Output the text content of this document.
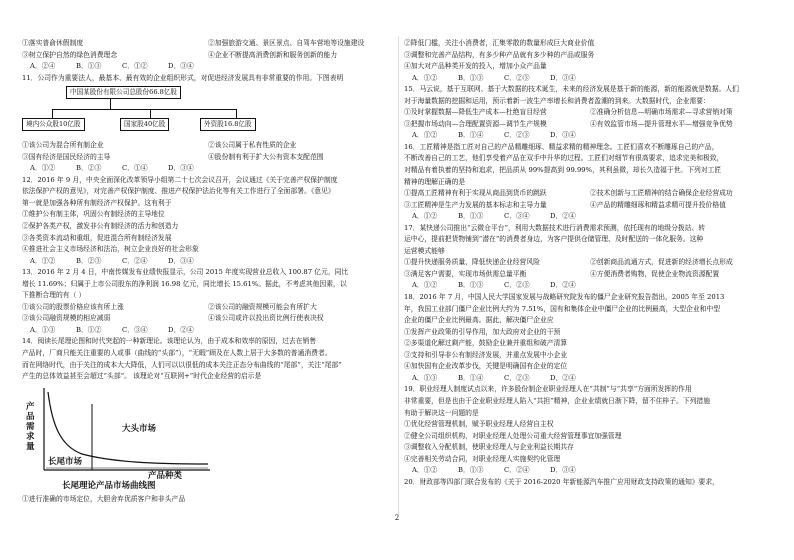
①落实普俞休假制度	②加强旅游交通、景区景点、自驾车营地等设施建设
③树立保护自然的绿色消费理念	④企业不断提高消费创新和服务创新的能力
A．②④	B．①③	C．①②	D．③④
11．公司作为重要法人，最基本、最有效的企业组织形式，对促进经济发展具有非常重要的作用。下图表明
中国某股份有限公司总股份66.8亿股
境内公众股10亿股	国家股40亿股	外资股16.8亿股
①该公司为混合所有制企业	②该公司属于私有性质的企业
③国有经济是国民经济的主导	④股份制有利于扩大公有资本支配范围
A．①②	B．②③	C．①④	D．③④
12．2016 年 9 月，中央全面深化改革领导小组第二十七次会议召开，会议通过《关于完善产权保护制度
依法保护产权的意见》，对完善产权保护制度、推进产权保护法治化等有关工作进行了全面部署。《意见》
第一就是加强各种所有制经济产权保护。这有利于
①维护公有制主体，巩固公有制经济的主导地位
②保护各类产权，激发非公有制经济的活力和创造力
③各类资本流动和重组，促进混合所有制经济发展
④推进社会主义市场经济和法治，树立企业良好的社会形象
A．①②	B．②③	C．②④	D．③④
13．2016 年 2 月 4 日，中南传媒发布业绩快报显示，公司 2015 年度实现营业总收入 100.87 亿元，同比
增长 11.69%；归属于上市公司股东的净利润 16.98 亿元，同比增长 15.61%。据此，不考虑其他因素，以
下推断合理的有（ ）
①该公司的股票价格应该有所上涨	②该公司的融资规模可能会有所扩大
③该公司融资规模的相应减弱	④该公司或许以投出资比例行使表决权
A．①③	B．①②	C．③④	D．②④
14．阅读长尾理论图和时代突起的一种新理论。该理论认为，由于成本和效率的原因，过去在销售
产品时，厂商只能关注重要的人或事（曲线的“头部”），“无暇”顾及在人数上居于大多数的普通消费者。
而在网络时代，由于关注的成本大大降低，人们可以以很低的成本关注正态分布曲线的“尾部”，关注“尾部”
产生的总体效益甚至会超过“头部”。 该理论对“互联网+”时代企业经营的启示是
产品需求量
大头市场
长尾市场
产品种类
长尾理论产品市场曲线图
①进行准确的市场定位，大胆舍弃优质客户和非头产品
②降低门槛，关注小消费者，汇集零散的数量形成巨大商业价值
③调整和完善产品结构，有多少种产品就有多少种的产品或服务
④加大对产品种类开发的投入，增加小众产品量
A．①②	B．①③	C．②③	D．③④
15．马云说，基于互联网、基于大数据的技术诞生，未来的经济发展是基于新的能源，新的能源就是数据。人们
对于海量数据的挖掘和运用，预示着新一波生产率增长和消费者盈潮的到来。大数据时代，企业需要：
①及时掌握数据—降低生产成本—杜绝盲目经营	②准确分析信息—明确市场需求—寻求营销对策
③把握市场动向—合理配置资源—调节生产规模	④有效监管市场—提升管理水平—增强竞争优势
A．①②	B．①④	C．②③	D．③④
16．工匠精神是指工匠对自己的产品精雕细琢、精益求精的精神理念。工匠们喜欢不断雕琢自己的产品，
不断改善自己的工艺，他们享受着产品在双手中升华的过程。工匠们对细节有很高要求，追求完美和极致，
对精品有着执着的坚持和追求，把品质从 99%提高到 99.99%，其利虽微，却长久造福于世。下列对工匠
精神的理解正确的是
①提高工匠精神有利于实现从商品到货币的跳跃	②技术创新与工匠精神的结合确保企业经营成功
③工匠精神是生产力发展的基本标志和主导力量	④产品的精雕细琢和精益求精可提升投价格值
A．①②	B．①③	C．③④	D．②④
17．某快递公司推出“云微仓平台”，利用大数据技术进行消费需求预测，依托现有的地级分拨站、转
运中心，提前把货物铺到“潜在”的消费者身边，为客户提供仓储管理、及时配送的一体化服务。这种
运营模式能够
①提升快递服务质量，降低快递企业经营风险	②创新商品流通方式，促进新的经济增长点形成
③满足客户需要，实现市场供需总量平衡	④方便消费者购物，促使企业物流资源配置
A．①②	B．①③	C．②③	D．②④
18．2016 年 7 月，中国人民大学国家发展与战略研究院发布的僵尸企业研究报告指出，2005 年至 2013
年，我国工业部门僵尸企业比例大约为 7.51%，国有和集体企业中僵尸企业的比例最高，大型企业和中型
企业的僵尸企业比例最高。据此，解决僵尸企业应
①发挥产业政策的引导作用，加大政府对企业的干预
②多渠道化解过剩产能，鼓励企业兼并重组和破产清算
③支持和引导非公有制经济发展，并重点发展中小企业
④加快国有企业改革步伐，关键是明确国有企业的定位
A．①③	B．①④	C．②③	D．②④
19．职业经理人制度试点以来，许多股份制企业职业经理人在“共制”与“共享”方面所发挥的作用
非常重要，但是也由于企业职业经理人陷入“共担”精神，企业业绩就日渐下降，留不住梓子。下列措施
有助于解决这一问题的是
①优化经营管理机制，赋予职业经理人经营自主权
②健全公司组织机构，对职业经理人处理公司重大经营管理事宜加强管理
③调整收入分配机制，使职业经理人与企业利益长期共存
④完善相关劳动合同，对职业经理人实施契约化管理
A．①②	B．①③	C．②④	D．③④
20．财政部等四部门联合发布的《关于 2016-2020 年新能源汽车推广应用财政支持政策的通知》要求，
2
